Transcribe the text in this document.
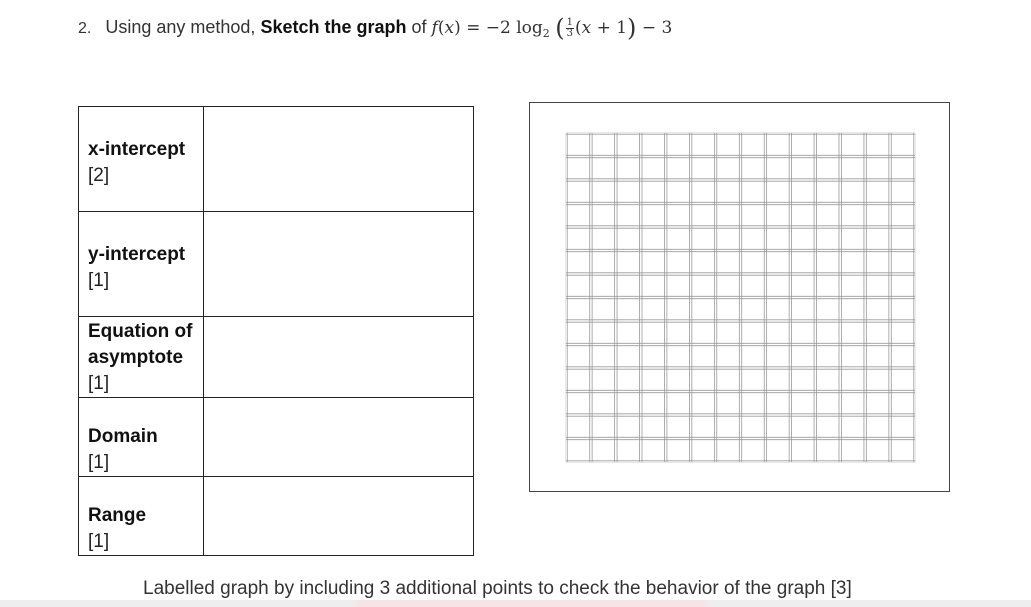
2. Using any method, Sketch the graph of f(x) = −2 $\log_2$ ( $\frac{1}{3} (x + 1) - 3$
x-intercept
[2]	

y-intercept
[1]	

Equation of asymptote
[1]	

Domain
[1]	

Range
[1]	

Labelled graph by including 3 additional points to check the behavior of the graph [3]
